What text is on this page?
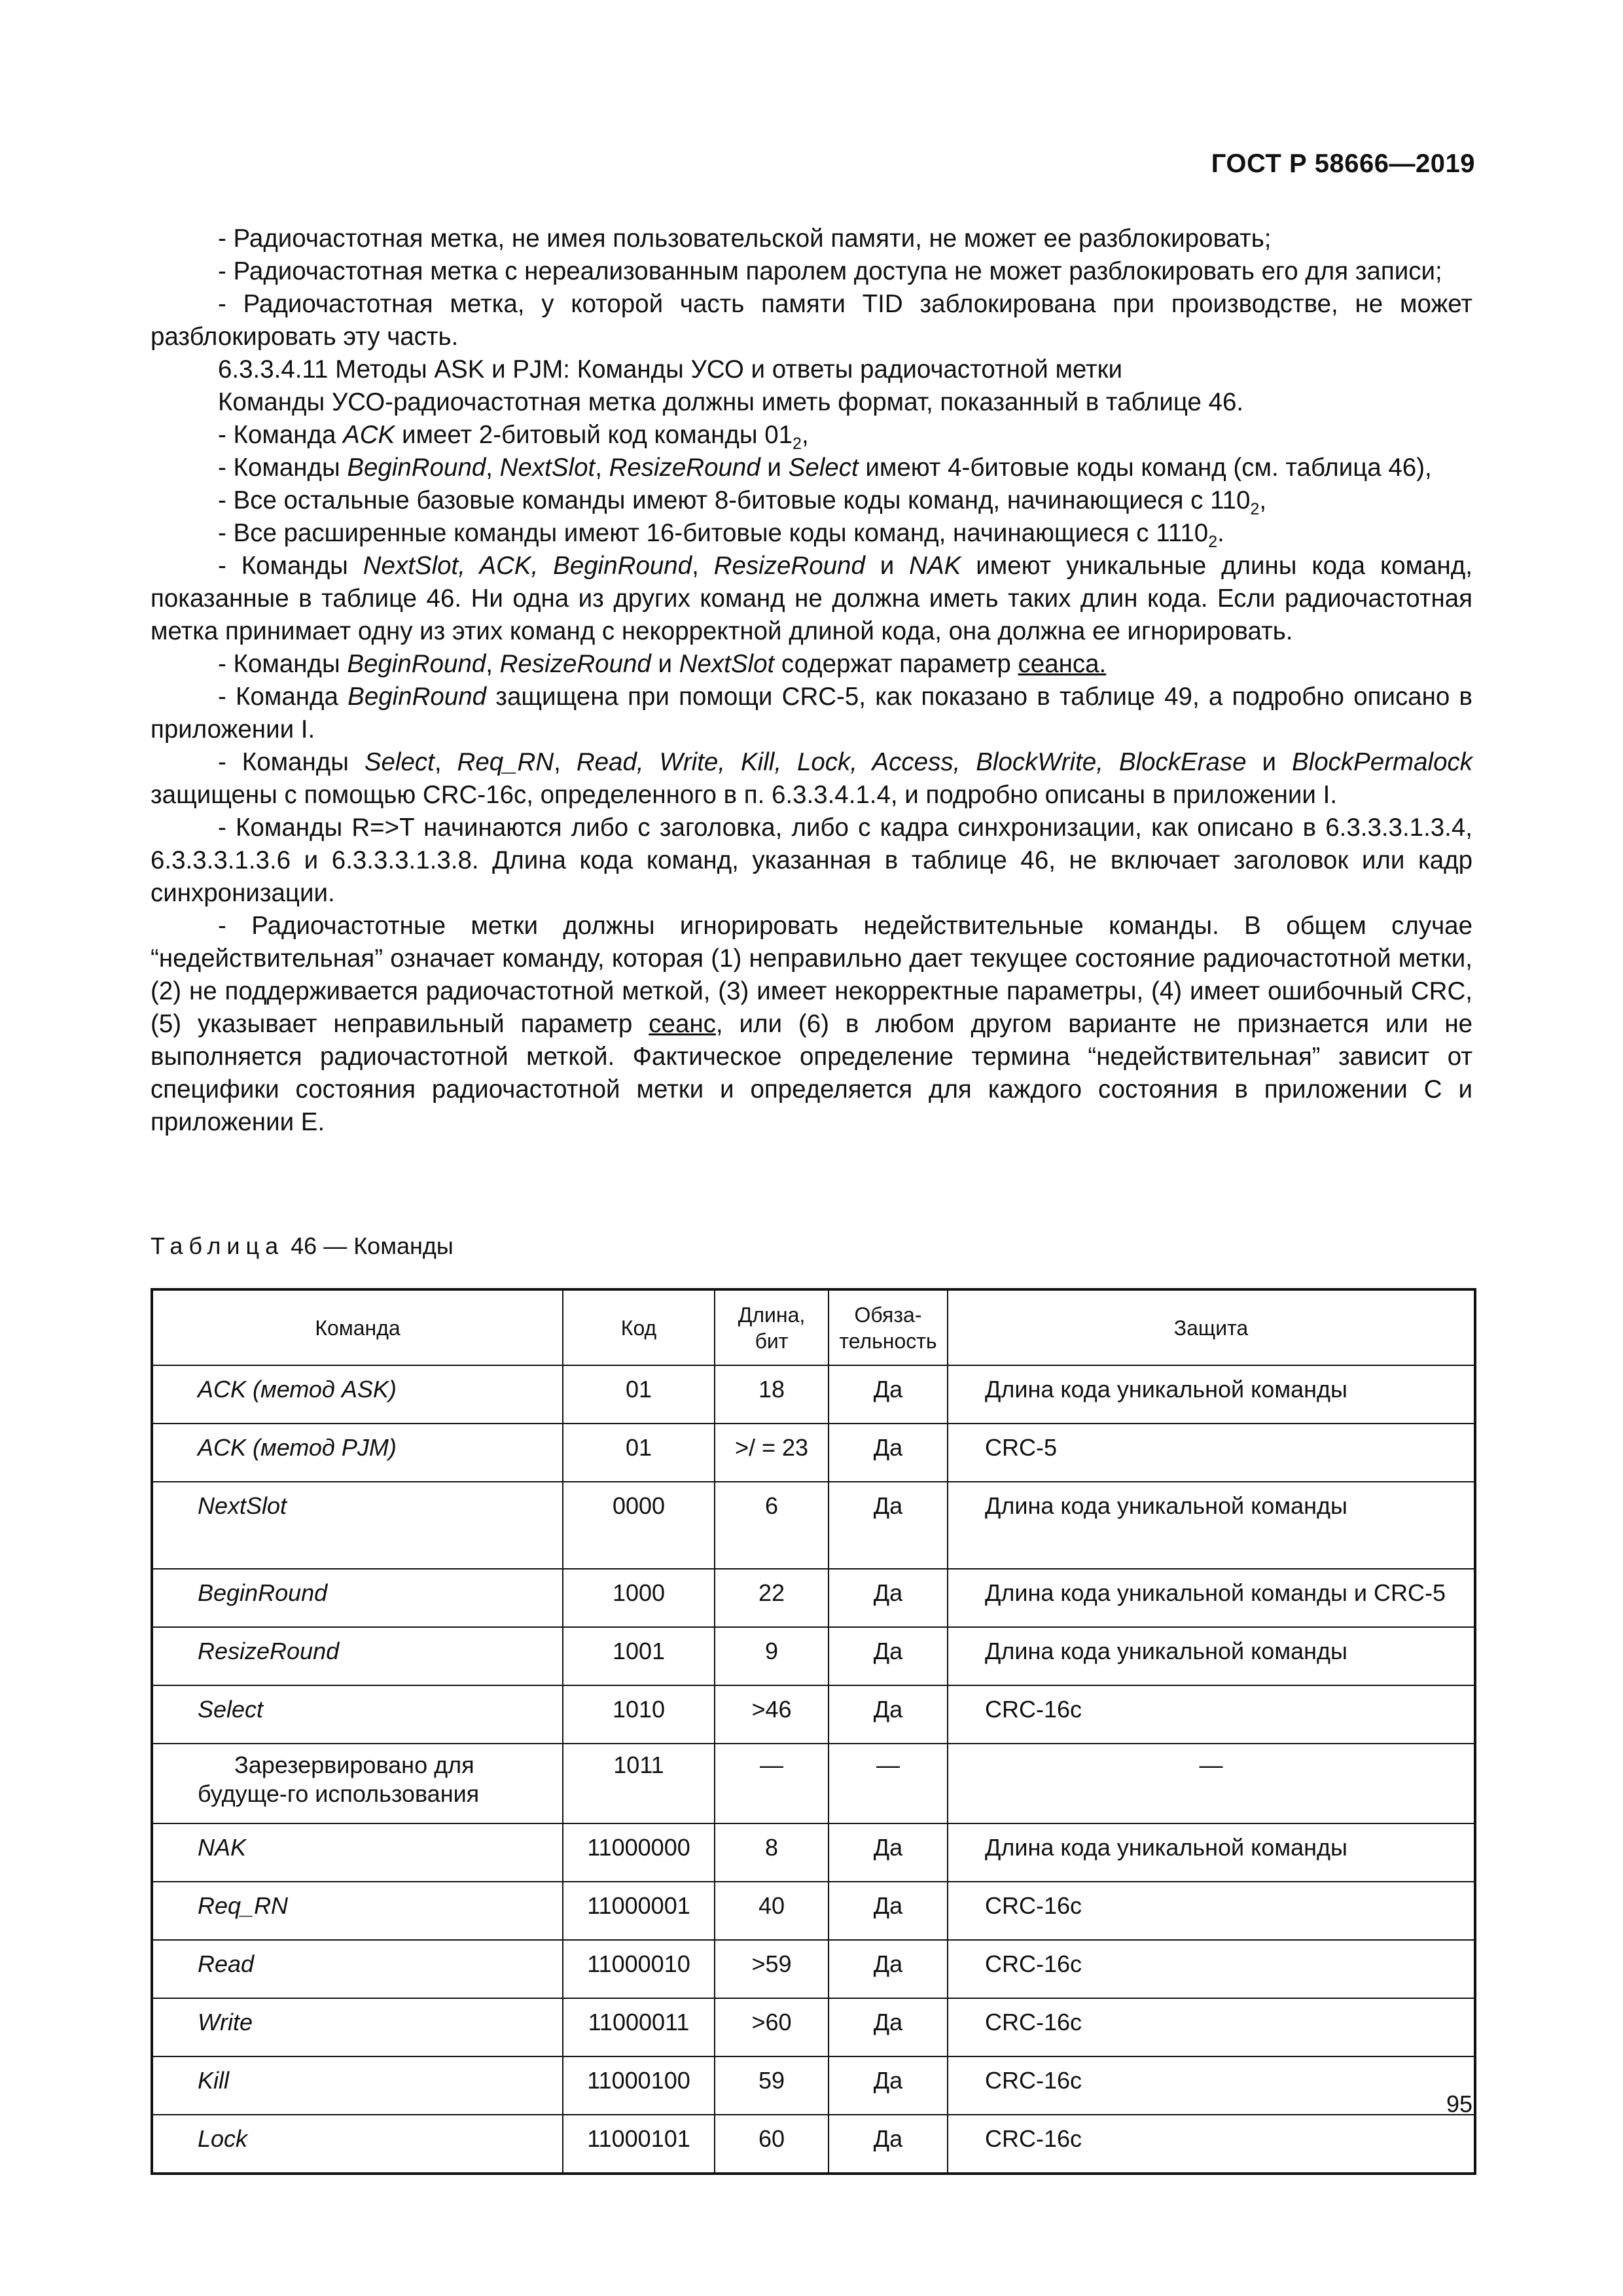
ГОСТ Р 58666—2019

- Радиочастотная метка, не имея пользовательской памяти, не может ее разблокировать;

- Радиочастотная метка с нереализованным паролем доступа не может разблокировать его для записи;

- Радиочастотная метка, у которой часть памяти TID заблокирована при производстве, не может разблокировать эту часть.

6.3.3.4.11 Методы ASK и PJM: Команды УСО и ответы радиочастотной метки

Команды УСО-радиочастотная метка должны иметь формат, показанный в таблице 46.

- Команда ACK имеет 2-битовый код команды $01_2$,

- Команды BeginRound, NextSlot, ResizeRound и Select имеют 4-битовые коды команд (см. таблица 46),

- Все остальные базовые команды имеют 8-битовые коды команд, начинающиеся с $110_2$,

- Все расширенные команды имеют 16-битовые коды команд, начинающиеся с $1110_2$.

- Команды NextSlot, ACK, BeginRound, ResizeRound и NAK имеют уникальные длины кода команд, показанные в таблице 46. Ни одна из других команд не должна иметь таких длин кода. Если радиочастотная метка принимает одну из этих команд с некорректной длиной кода, она должна ее игнорировать.

- Команды BeginRound, ResizeRound и NextSlot содержат параметр сеанса.

- Команда BeginRound защищена при помощи CRC-5, как показано в таблице 49, а подробно описано в приложении I.

- Команды Select, Req_RN, Read, Write, Kill, Lock, Access, BlockWrite, BlockErase и BlockPermalock защищены с помощью CRC-16c, определенного в п. 6.3.3.4.1.4, и подробно описаны в приложении I.

- Команды R=>T начинаются либо с заголовка, либо с кадра синхронизации, как описано в 6.3.3.3.1.3.4, 6.3.3.3.1.3.6 и 6.3.3.3.1.3.8. Длина кода команд, указанная в таблице 46, не включает заголовок или кадр синхронизации.

- Радиочастотные метки должны игнорировать недействительные команды. В общем случае “недействительная” означает команду, которая (1) неправильно дает текущее состояние радиочастотной метки, (2) не поддерживается радиочастотной меткой, (3) имеет некорректные параметры, (4) имеет ошибочный CRC, (5) указывает неправильный параметр сеанс, или (6) в любом другом варианте не признается или не выполняется радиочастотной меткой. Фактическое определение термина “недействительная” зависит от специфики состояния радиочастотной метки и определяется для каждого состояния в приложении С и приложении Е.

Таблица 46 — Команды
Команда	Код	Длина, бит	Обяза-тельность	Защита
ACK (метод ASK)	01	18	Да	Длина кода уникальной команды
ACK (метод PJM)	01	>/ = 23	Да	CRC-5
NextSlot	0000	6	Да	Длина кода уникальной команды
BeginRound	1000	22	Да	Длина кода уникальной команды и CRC-5
ResizeRound	1001	9	Да	Длина кода уникальной команды
Select	1010	>46	Да	CRC-16c

Зарезервировано для будуще-го использования	1011	—	—	—
NAK	11000000	8	Да	Длина кода уникальной команды
Req_RN	11000001	40	Да	CRC-16c
Read	11000010	>59	Да	CRC-16c
Write	11000011	>60	Да	CRC-16c
Kill	11000100	59	Да	CRC-16c
Lock	11000101	60	Да	CRC-16c
95
